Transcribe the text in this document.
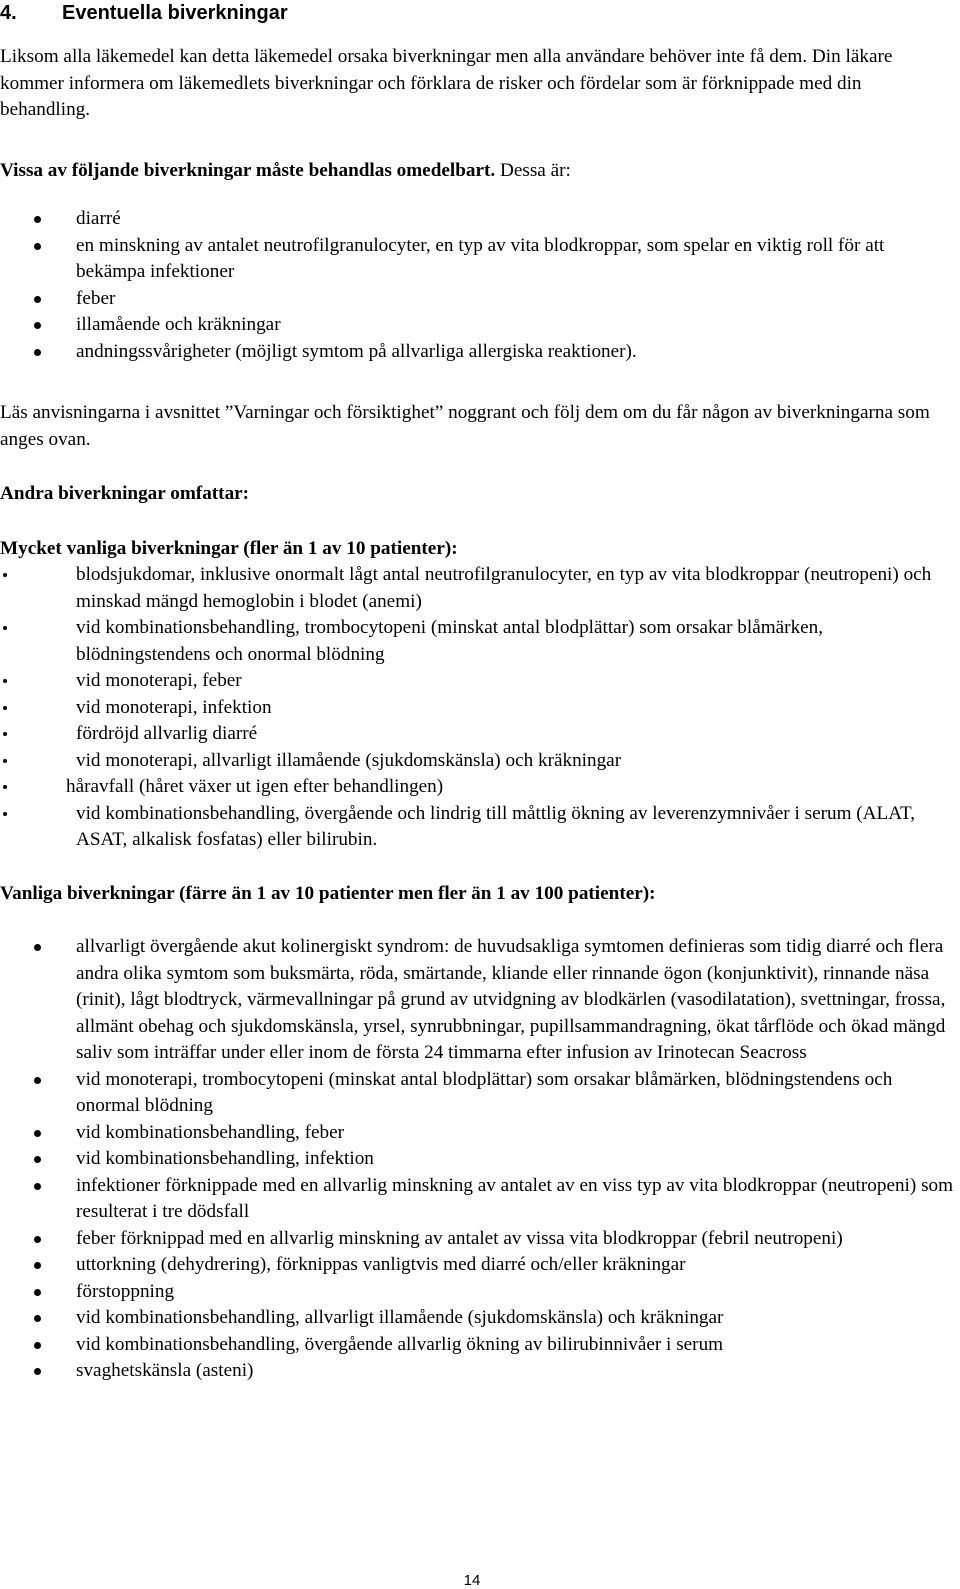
4. Eventuella biverkningar

Liksom alla läkemedel kan detta läkemedel orsaka biverkningar men alla användare behöver inte få dem. Din läkare kommer informera om läkemedlets biverkningar och förklara de risker och fördelar som är förknippade med din behandling.

Vissa av följande biverkningar måste behandlas omedelbart. Dessa är:

diarré
en minskning av antalet neutrofilgranulocyter, en typ av vita blodkroppar, som spelar en viktig roll för att bekämpa infektioner
feber
illamående och kräkningar
andningssvårigheter (möjligt symtom på allvarliga allergiska reaktioner).

Läs anvisningarna i avsnittet ”Varningar och försiktighet” noggrant och följ dem om du får någon av biverkningarna som anges ovan.

Andra biverkningar omfattar:

Mycket vanliga biverkningar (fler än 1 av 10 patienter):

blodsjukdomar, inklusive onormalt lågt antal neutrofilgranulocyter, en typ av vita blodkroppar (neutropeni) och minskad mängd hemoglobin i blodet (anemi)
vid kombinationsbehandling, trombocytopeni (minskat antal blodplättar) som orsakar blåmärken, blödningstendens och onormal blödning
vid monoterapi, feber
vid monoterapi, infektion
fördröjd allvarlig diarré
vid monoterapi, allvarligt illamående (sjukdomskänsla) och kräkningar
håravfall (håret växer ut igen efter behandlingen)
vid kombinationsbehandling, övergående och lindrig till måttlig ökning av leverenzymnivåer i serum (ALAT, ASAT, alkalisk fosfatas) eller bilirubin.

Vanliga biverkningar (färre än 1 av 10 patienter men fler än 1 av 100 patienter):

allvarligt övergående akut kolinergiskt syndrom: de huvudsakliga symtomen definieras som tidig diarré och flera andra olika symtom som buksmärta, röda, smärtande, kliande eller rinnande ögon (konjunktivit), rinnande näsa (rinit), lågt blodtryck, värmevallningar på grund av utvidgning av blodkärlen (vasodilatation), svettningar, frossa, allmänt obehag och sjukdomskänsla, yrsel, synrubbningar, pupillsammandragning, ökat tårflöde och ökad mängd saliv som inträffar under eller inom de första 24 timmarna efter infusion av Irinotecan Seacross
vid monoterapi, trombocytopeni (minskat antal blodplättar) som orsakar blåmärken, blödningstendens och onormal blödning
vid kombinationsbehandling, feber
vid kombinationsbehandling, infektion
infektioner förknippade med en allvarlig minskning av antalet av en viss typ av vita blodkroppar (neutropeni) som resulterat i tre dödsfall
feber förknippad med en allvarlig minskning av antalet av vissa vita blodkroppar (febril neutropeni)
uttorkning (dehydrering), förknippas vanligtvis med diarré och/eller kräkningar
förstoppning
vid kombinationsbehandling, allvarligt illamående (sjukdomskänsla) och kräkningar
vid kombinationsbehandling, övergående allvarlig ökning av bilirubinnivåer i serum
svaghetskänsla (asteni)
14
